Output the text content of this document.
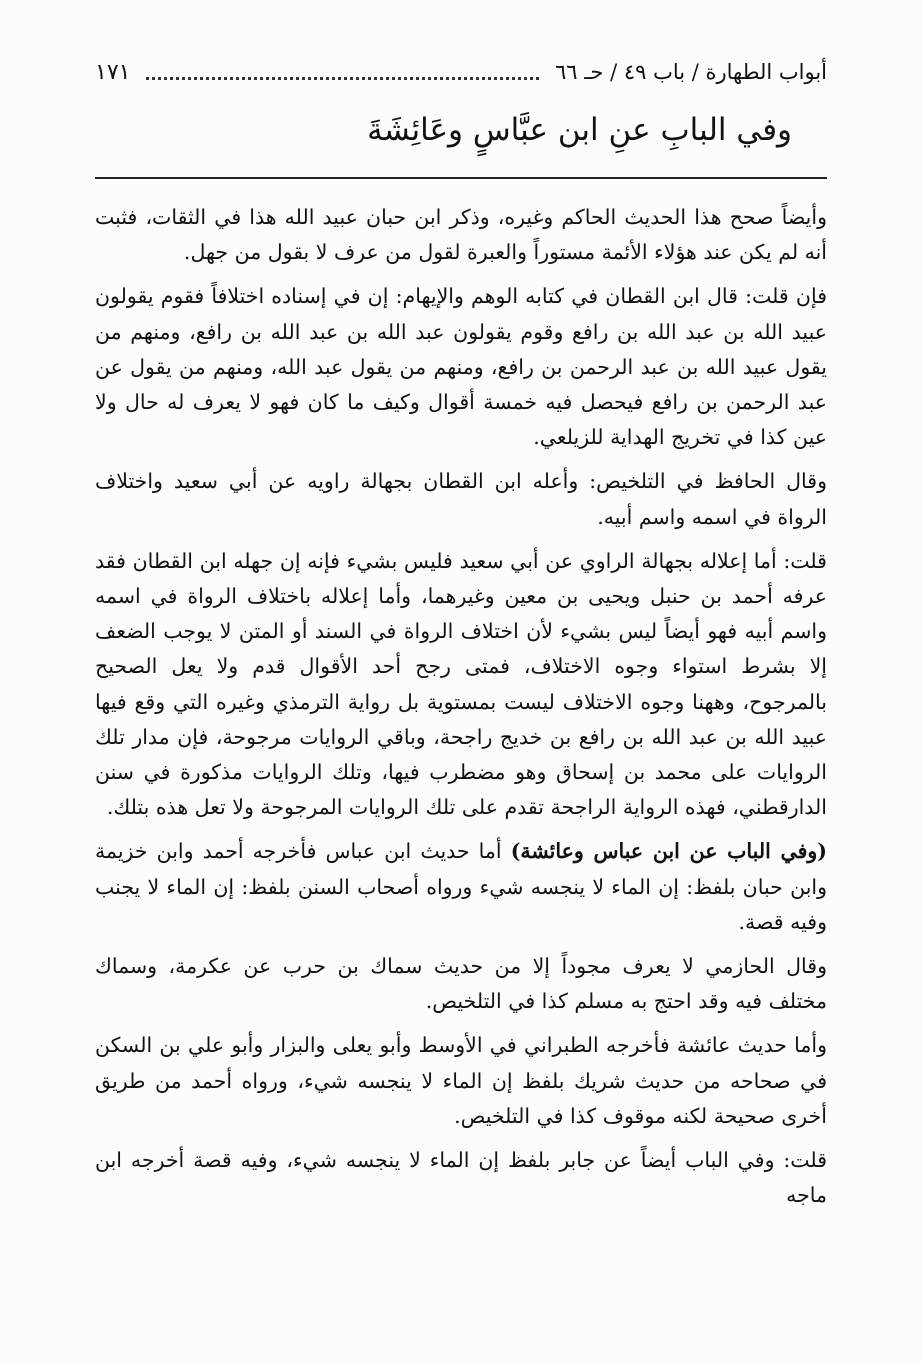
أبواب الطهارة / باب ٤٩ / حـ ٦٦
١٧١
وفي البابِ عنِ ابن عبَّاسٍ وعَائِشَةَ

وأيضاً صحح هذا الحديث الحاكم وغيره، وذكر ابن حبان عبيد الله هذا في الثقات، فثبت أنه لم يكن عند هؤلاء الأئمة مستوراً والعبرة لقول من عرف لا بقول من جهل.

فإن قلت: قال ابن القطان في كتابه الوهم والإيهام: إن في إسناده اختلافاً فقوم يقولون عبيد الله بن عبد الله بن رافع وقوم يقولون عبد الله بن عبد الله بن رافع، ومنهم من يقول عبيد الله بن عبد الرحمن بن رافع، ومنهم من يقول عبد الله، ومنهم من يقول عن عبد الرحمن بن رافع فيحصل فيه خمسة أقوال وكيف ما كان فهو لا يعرف له حال ولا عين كذا في تخريج الهداية للزيلعي.

وقال الحافظ في التلخيص: وأعله ابن القطان بجهالة راويه عن أبي سعيد واختلاف الرواة في اسمه واسم أبيه.

قلت: أما إعلاله بجهالة الراوي عن أبي سعيد فليس بشيء فإنه إن جهله ابن القطان فقد عرفه أحمد بن حنبل ويحيى بن معين وغيرهما، وأما إعلاله باختلاف الرواة في اسمه واسم أبيه فهو أيضاً ليس بشيء لأن اختلاف الرواة في السند أو المتن لا يوجب الضعف إلا بشرط استواء وجوه الاختلاف، فمتى رجح أحد الأقوال قدم ولا يعل الصحيح بالمرجوح، وههنا وجوه الاختلاف ليست بمستوية بل رواية الترمذي وغيره التي وقع فيها عبيد الله بن عبد الله بن رافع بن خديج راجحة، وباقي الروايات مرجوحة، فإن مدار تلك الروايات على محمد بن إسحاق وهو مضطرب فيها، وتلك الروايات مذكورة في سنن الدارقطني، فهذه الرواية الراجحة تقدم على تلك الروايات المرجوحة ولا تعل هذه بتلك.

(وفي الباب عن ابن عباس وعائشة) أما حديث ابن عباس فأخرجه أحمد وابن خزيمة وابن حبان بلفظ: إن الماء لا ينجسه شيء ورواه أصحاب السنن بلفظ: إن الماء لا يجنب وفيه قصة.

وقال الحازمي لا يعرف مجوداً إلا من حديث سماك بن حرب عن عكرمة، وسماك مختلف فيه وقد احتج به مسلم كذا في التلخيص.

وأما حديث عائشة فأخرجه الطبراني في الأوسط وأبو يعلى والبزار وأبو علي بن السكن في صحاحه من حديث شريك بلفظ إن الماء لا ينجسه شيء، ورواه أحمد من طريق أخرى صحيحة لكنه موقوف كذا في التلخيص.

قلت: وفي الباب أيضاً عن جابر بلفظ إن الماء لا ينجسه شيء، وفيه قصة أخرجه ابن ماجه
